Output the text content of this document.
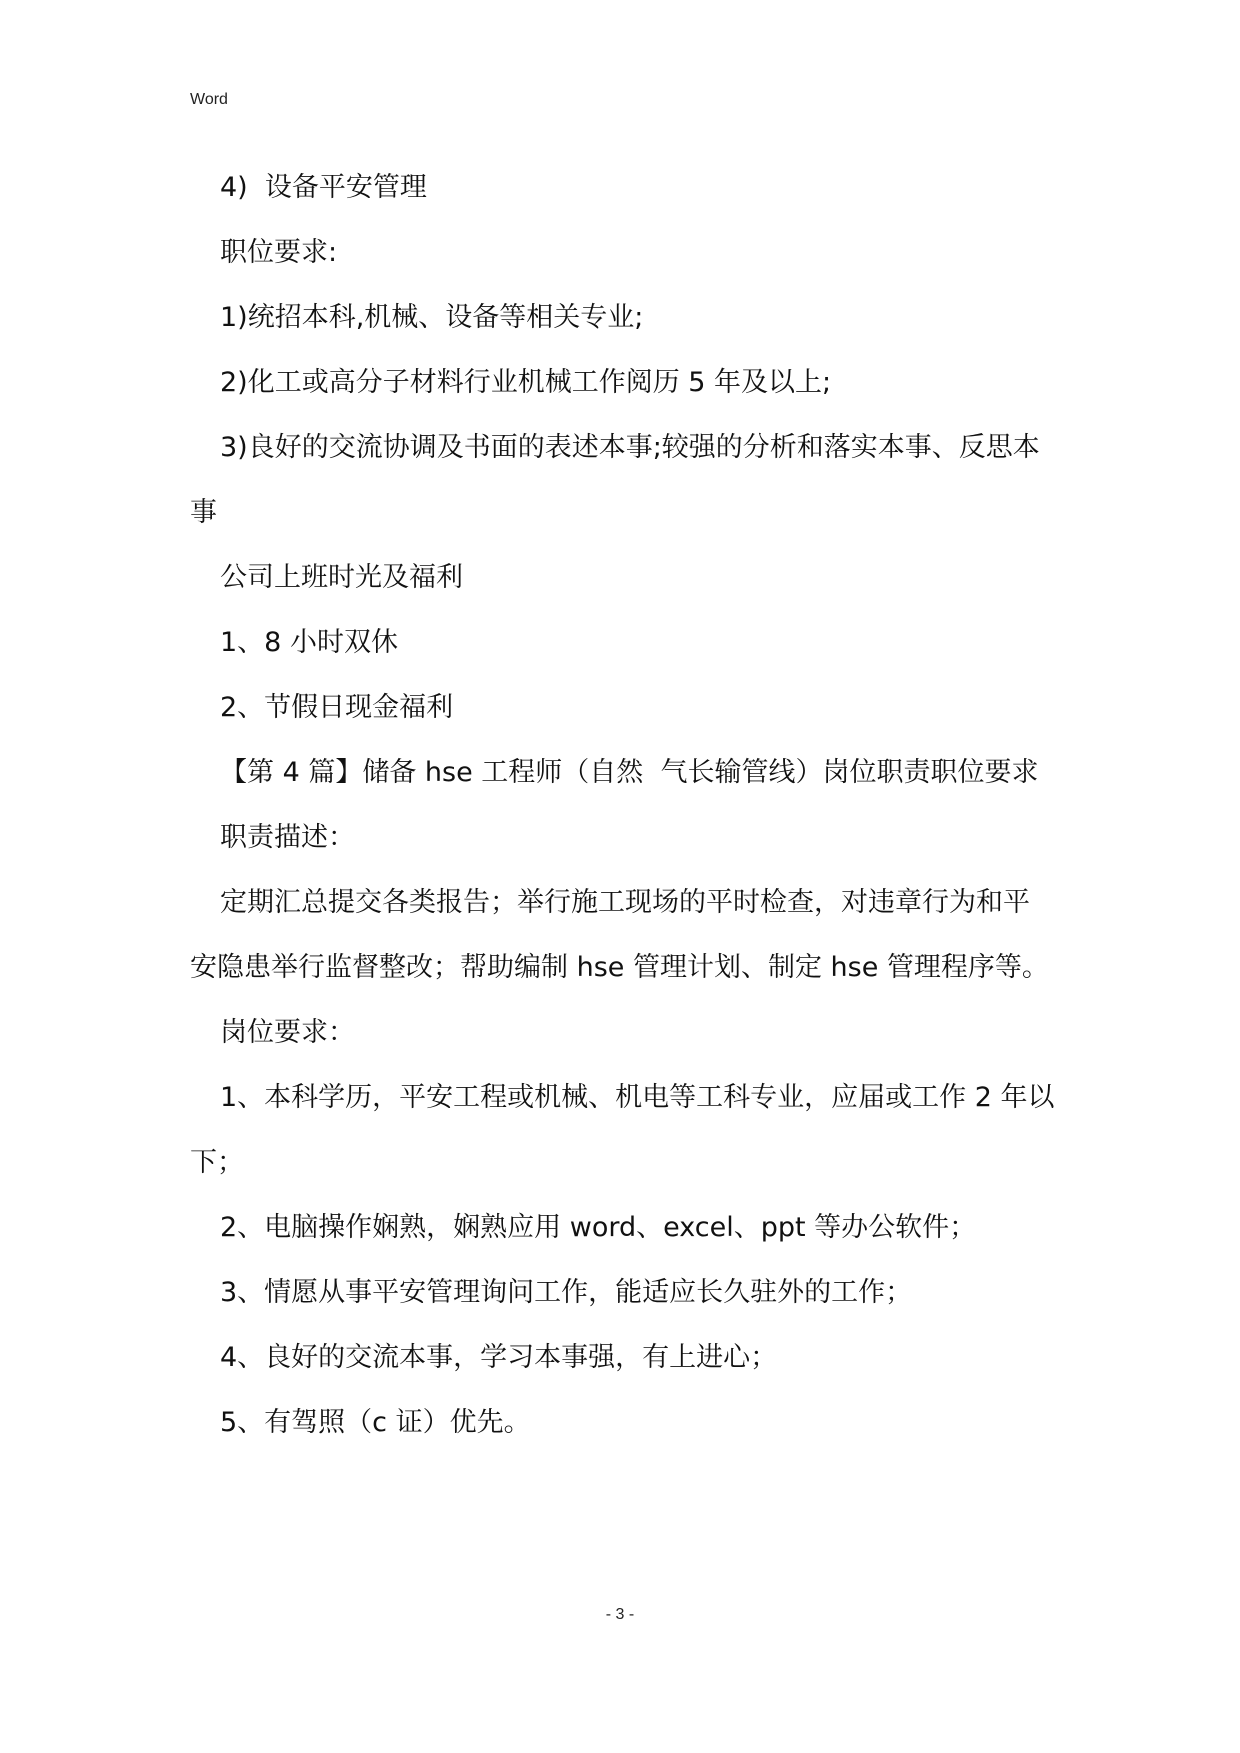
Word

4)  设备平安管理

职位要求:

1)统招本科,机械、设备等相关专业;

2)化工或高分子材料行业机械工作阅历 5 年及以上;

3)良好的交流协调及书面的表述本事;较强的分析和落实本事、反思本事

公司上班时光及福利

1、8 小时双休

2、节假日现金福利

【第 4 篇】储备 hse 工程师（自然  气长输管线）岗位职责职位要求

职责描述：

定期汇总提交各类报告；举行施工现场的平时检查，对违章行为和平安隐患举行监督整改；帮助编制 hse 管理计划、制定 hse 管理程序等。

岗位要求：

1、本科学历，平安工程或机械、机电等工科专业，应届或工作 2 年以下；

2、电脑操作娴熟，娴熟应用 word、excel、ppt 等办公软件；

3、情愿从事平安管理询问工作，能适应长久驻外的工作；

4、良好的交流本事，学习本事强，有上进心；

5、有驾照（c 证）优先。

- 3 -
